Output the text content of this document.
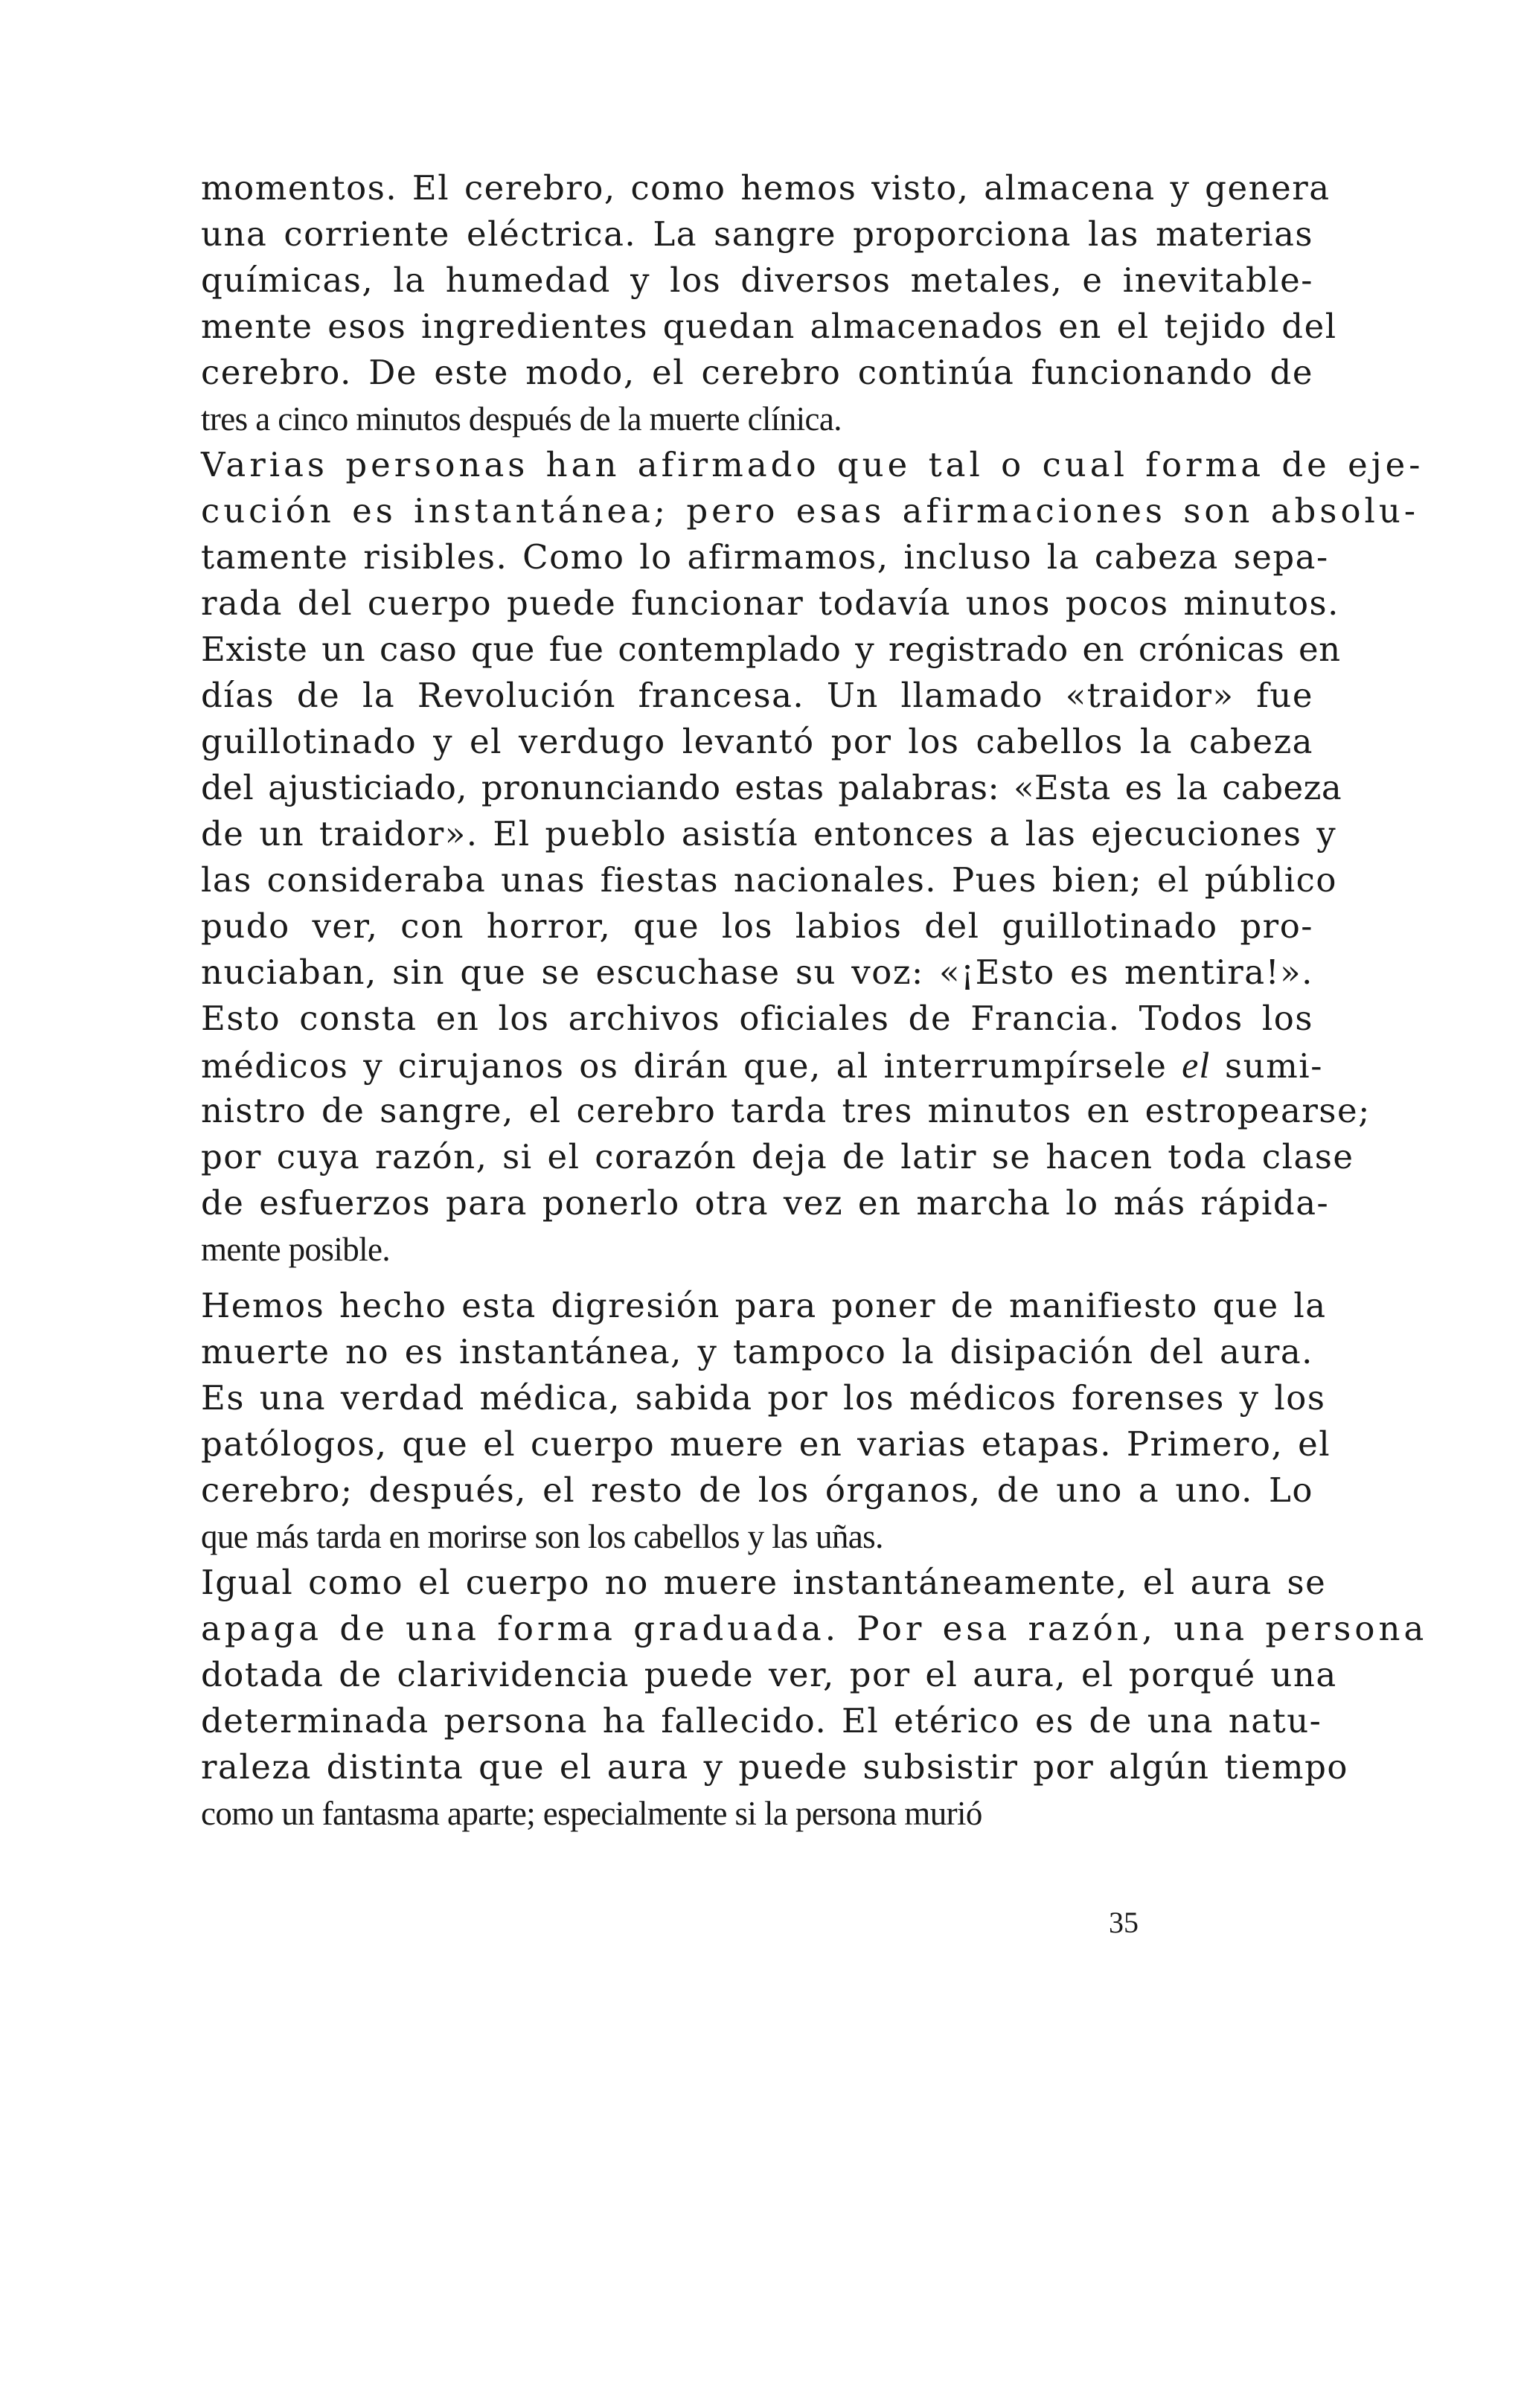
momentos. El cerebro, como hemos visto, almacena y genera
una corriente eléctrica. La sangre proporciona las materias
químicas, la humedad y los diversos metales, e inevitable-
mente esos ingredientes quedan almacenados en el tejido del
cerebro. De este modo, el cerebro continúa funcionando de
tres a cinco minutos después de la muerte clínica.
Varias personas han afirmado que tal o cual forma de eje-
cución es instantánea; pero esas afirmaciones son absolu-
tamente risibles. Como lo afirmamos, incluso la cabeza sepa-
rada del cuerpo puede funcionar todavía unos pocos minutos.
Existe un caso que fue contemplado y registrado en crónicas en
días de la Revolución francesa. Un llamado «traidor» fue
guillotinado y el verdugo levantó por los cabellos la cabeza
del ajusticiado, pronunciando estas palabras: «Esta es la cabeza
de un traidor». El pueblo asistía entonces a las ejecuciones y
las consideraba unas fiestas nacionales. Pues bien; el público
pudo ver, con horror, que los labios del guillotinado pro-
nuciaban, sin que se escuchase su voz: «¡Esto es mentira!».
Esto consta en los archivos oficiales de Francia. Todos los
médicos y cirujanos os dirán que, al interrumpírsele el sumi-
nistro de sangre, el cerebro tarda tres minutos en estropearse;
por cuya razón, si el corazón deja de latir se hacen toda clase
de esfuerzos para ponerlo otra vez en marcha lo más rápida-
mente posible.
Hemos hecho esta digresión para poner de manifiesto que la
muerte no es instantánea, y tampoco la disipación del aura.
Es una verdad médica, sabida por los médicos forenses y los
patólogos, que el cuerpo muere en varias etapas. Primero, el
cerebro; después, el resto de los órganos, de uno a uno. Lo
que más tarda en morirse son los cabellos y las uñas.
Igual como el cuerpo no muere instantáneamente, el aura se
apaga de una forma graduada. Por esa razón, una persona
dotada de clarividencia puede ver, por el aura, el porqué una
determinada persona ha fallecido. El etérico es de una natu-
raleza distinta que el aura y puede subsistir por algún tiempo
como un fantasma aparte; especialmente si la persona murió
35
